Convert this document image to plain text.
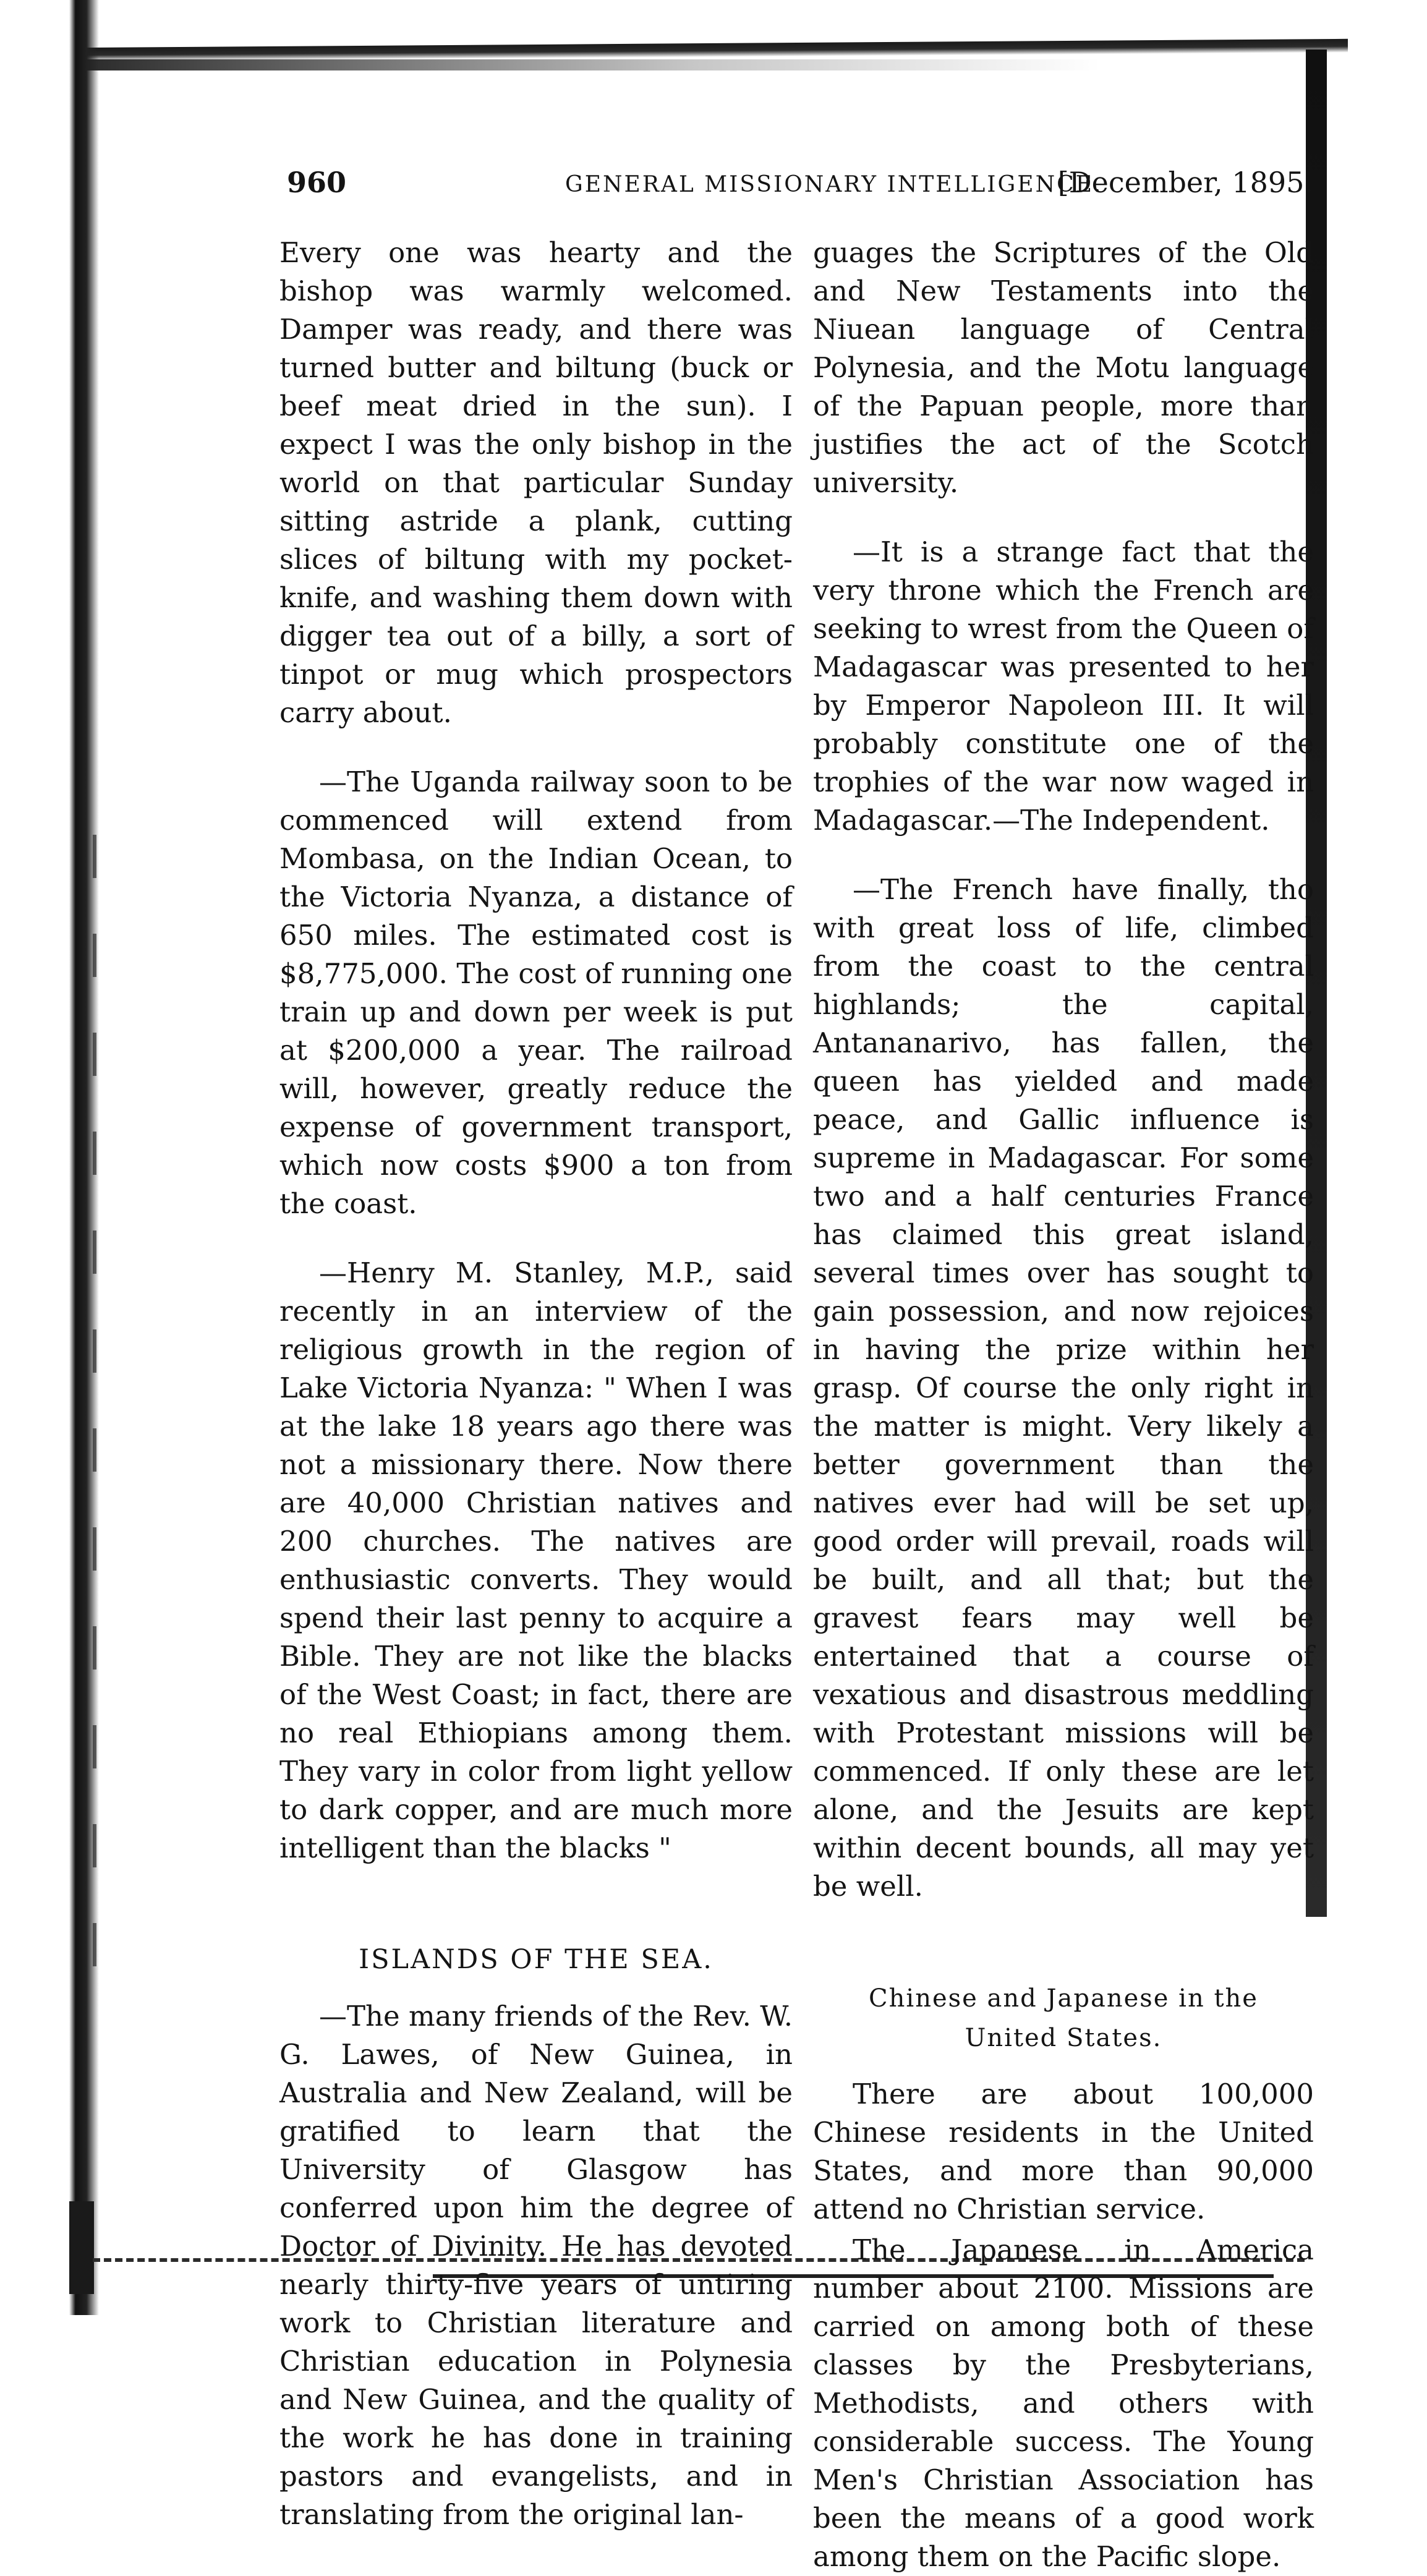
960	GENERAL MISSIONARY INTELLIGENCE.
[December, 1895.

Every one was hearty and the bishop was warmly welcomed. Damper was ready, and there was turned butter and biltung (buck or beef meat dried in the sun). I expect I was the only bishop in the world on that particular Sunday sitting astride a plank, cutting slices of biltung with my pocket-knife, and washing them down with digger tea out of a billy, a sort of tinpot or mug which prospectors carry about.

—The Uganda railway soon to be commenced will extend from Mombasa, on the Indian Ocean, to the Victoria Nyanza, a distance of 650 miles. The estimated cost is $8,775,000. The cost of running one train up and down per week is put at $200,000 a year. The railroad will, however, greatly reduce the expense of government transport, which now costs $900 a ton from the coast.

—Henry M. Stanley, M.P., said recently in an interview of the religious growth in the region of Lake Victoria Nyanza: " When I was at the lake 18 years ago there was not a missionary there. Now there are 40,000 Christian natives and 200 churches. The natives are enthusiastic converts. They would spend their last penny to acquire a Bible. They are not like the blacks of the West Coast; in fact, there are no real Ethiopians among them. They vary in color from light yellow to dark copper, and are much more intelligent than the blacks "

ISLANDS OF THE SEA.

—The many friends of the Rev. W. G. Lawes, of New Guinea, in Australia and New Zealand, will be gratified to learn that the University of Glasgow has conferred upon him the degree of Doctor of Divinity. He has devoted nearly thirty-five years of untiring work to Christian literature and Christian education in Polynesia and New Guinea, and the quality of the work he has done in training pastors and evangelists, and in translating from the original lan-

guages the Scriptures of the Old and New Testaments into the Niuean language of Central Polynesia, and the Motu language of the Papuan people, more than justifies the act of the Scotch university.

—It is a strange fact that the very throne which the French are seeking to wrest from the Queen of Madagascar was presented to her by Emperor Napoleon III. It will probably constitute one of the trophies of the war now waged in Madagascar.—The Independent.

—The French have finally, tho with great loss of life, climbed from the coast to the central highlands; the capital, Antananarivo, has fallen, the queen has yielded and made peace, and Gallic influence is supreme in Madagascar. For some two and a half centuries France has claimed this great island, several times over has sought to gain possession, and now rejoices in having the prize within her grasp. Of course the only right in the matter is might. Very likely a better government than the natives ever had will be set up, good order will prevail, roads will be built, and all that; but the gravest fears may well be entertained that a course of vexatious and disastrous meddling with Protestant missions will be commenced. If only these are let alone, and the Jesuits are kept within decent bounds, all may yet be well.

Chinese and Japanese in the
United States.

There are about 100,000 Chinese residents in the United States, and more than 90,000 attend no Christian service.

The Japanese in America number about 2100. Missions are carried on among both of these classes by the Presbyterians, Methodists, and others with considerable success. The Young Men's Christian Association has been the means of a good work among them on the Pacific slope.
